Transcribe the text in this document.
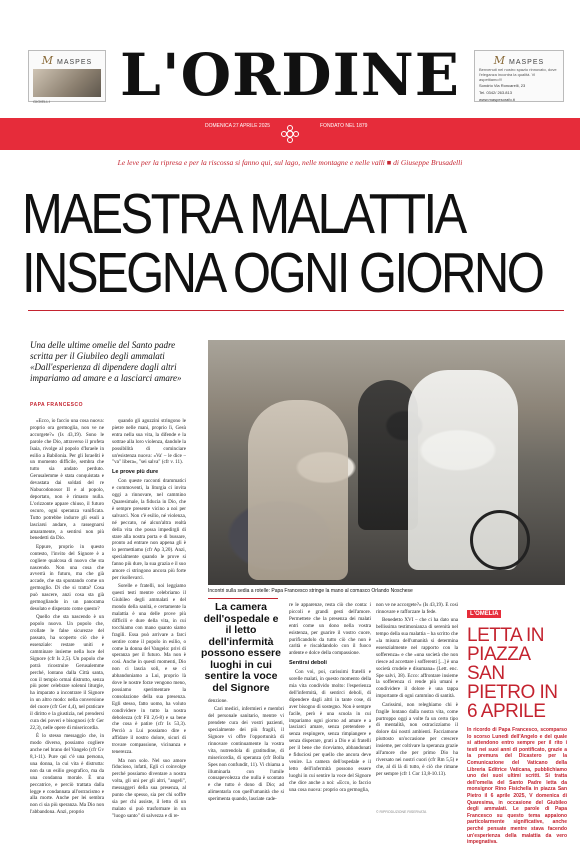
M MASPES
GIOIELLI
M MASPES
Benvenuti nel nostro spazio rinnovato, dove l'eleganza incontra la qualità. Vi aspettiamo!!!
Sondrio Via Roncarelli, 23
Tel. 0342/ 263.813
www.maspesorafo.it
L'ORDINE
DOMENICA 27 APRILE 2025	FONDATO NEL 1879
Le leve per la ripresa e per la riscossa si fanno qui, sul lago, nelle montagne e nelle valli ■ di Giuseppe Brusadelli
MAESTRA MALATTIA
INSEGNA OGNI GIORNO
Una delle ultime omelie del Santo padre scritta per il Giubileo degli ammalati «Dall'esperienza di dipendere dagli altri impariamo ad amare e a lasciarci amare»
PAPA FRANCESCO

«Ecco, io faccio una cosa nuova: proprio ora germoglia, non ve ne accorgete?» (Is 43,19). Sono le parole che Dio, attraverso il profeta Isaia, rivolge al popolo d'Israele in esilio a Babilonia. Per gli Israeliti è un momento difficile, sembra che tutto sia andato perduto. Gerusalemme è stata conquistata e devastata dai soldati del re Nabucodonosor II e al popolo, deportato, non è rimasto nulla. L'orizzonte appare chiuso, il futuro oscuro, ogni speranza vanificata. Tutto potrebbe indurre gli esuli a lasciarsi andare, a rassegnarsi amaramente, a sentirsi non più benedetti da Dio.

Eppure, proprio in questo contesto, l'invito del Signore è a cogliere qualcosa di nuovo che sta nascendo. Non una cosa che avverrà in futuro, ma che già accade, che sta spuntando come un germoglio. Di che si tratta? Cosa può nascere, anzi cosa sta già germogliando in un panorama desolato e disperato come questo?

Quello che sta nascendo è un popolo nuovo. Un popolo che, crollate le false sicurezze del passato, ha scoperto ciò che è essenziale: restare uniti e camminare insieme nella luce del Signore (cfr Is 2,5). Un popolo che potrà ricostruire Gerusalemme perché, lontano dalla Città santa, con il tempio ormai distrutto, senza più poter celebrare solenni liturgie, ha imparato a incontrare il Signore in un altro modo: nella conversione del cuore (cfr Ger 4,4), nel praticare il diritto e la giustizia, nel prendersi cura dei poveri e bisognosi (cfr Ger 22,3), nelle opere di misericordia.

È lo stesso messaggio che, in modo diverso, possiamo cogliere anche nel brano del Vangelo (cfr Gv 8,1-11). Pure qui c'è una persona, una donna, la cui vita è distrutta: non da un esilio geografico, ma da una condanna morale. È una peccatrice, e perciò trattata dalla legge e condannata all'ostracismo e alla morte. Anche per lei sembra non ci sia più speranza. Ma Dio non l'abbandona. Anzi, proprio

quando gli aguzzini stringono le pietre nelle mani, proprio lì, Gesù entra nella sua vita, la difende e la sottrae alla loro violenza, dandole la possibilità di cominciare un'esistenza nuova: «Va' – le dice – "va" libera», "sei salva" (cfr v. 11).

Le prove più dure

Con queste racconti drammatici e commoventi, la liturgia ci invita oggi a rinnovare, nel cammino Quaresimale, la fiducia in Dio, che è sempre presente vicino a noi per salvarci. Non c'è esilio, né violenza, né peccato, né alcun'altra realtà della vita che possa impedirgli di stare alla nostra porta e di bussare, pronto ad entrare non appena gli è lo permettiamo (cfr Ap 3,20). Anzi, specialmente quando le prove si fanno più dure, la sua grazia e il suo amore ci stringono ancora più forte per risollevarci.

Sorelle e fratelli, noi leggiamo questi testi mentre celebriamo il Giubileo degli ammalati e del mondo della sanità, e certamente la malattia è una delle prove più difficili e dure della vita, in cui tocchiamo con mano quanto siamo fragili. Essa può arrivare a farci sentire come il popolo in esilio, o come la donna del Vangelo: privi di speranza per il futuro. Ma non è così. Anche in questi momenti, Dio non ci lascia soli, e se ci abbandoniamo a Lui, proprio là dove le nostre forze vengono meno, possiamo sperimentare la consolazione della sua presenza. Egli stesso, fatto uomo, ha voluto condividere in tutto la nostra debolezza (cfr Fil 2,6-8) e sa bene che cosa è patire (cfr Is 53,3). Perciò a Lui possiamo dire e affidare il nostro dolore, sicuri di trovare compassione, vicinanza e tenerezza.

Ma non solo. Nel suo amore fiducioso, infatti, Egli ci coinvolge perché possiamo diventare a nostra volta, gli uni per gli altri, "angeli", messaggeri della sua presenza, al punto che spesso, sia per chi soffre sia per chi assiste, il letto di un malato si può trasformare in un "luogo santo" di salvezza e di re-

Incontri sulla sedia a rotelle: Papa Francesco stringe la mano al comasco Orlando Noschese
La camera dell'ospedale e il letto dell'infermità possono essere luoghi in cui sentire la voce del Signore

denzione.

Cari medici, infermieri e membri del personale sanitario, mentre vi prendete cura dei vostri pazienti, specialmente dei più fragili, il Signore vi offre l'opportunità di rinnovare continuamente la vostra vita, nutrendola di gratitudine, di misericordia, di speranza (cfr Bolla Spes non confundit, 11). Vi chiama a illuminarla con l'umile consapevolezza che nulla è scontato e che tutto è dono di Dio; ad alimentarla con quell'umanità che si sperimenta quando, lasciate cade-

re le apparenze, resta ciò che conta: i piccoli e grandi gesti dell'amore. Permettete che la presenza dei malati entri come un dono nella vostra esistenza, per guarire il vostro cuore, purificandolo da tutto ciò che non è carità e riscaldandolo con il fuoco ardente e dolce della compassione.

Sentirsi deboli

Con voi, poi, carissimi fratelli e sorelle malati, in questo momento della mia vita condivido molto: l'esperienza dell'infermità, di sentirci deboli, di dipendere dagli altri in tante cose, di aver bisogno di sostegno. Non è sempre facile, però è una scuola in cui impariamo ogni giorno ad amare e a lasciarci amare, senza pretendere e senza respingere, senza rimpiangere e senza disperare, grati a Dio e ai fratelli per il bene che riceviamo, abbandonati e fiduciosi per quello che ancora deve venire. La camera dell'ospedale e il letto dell'infermità possono essere luoghi in cui sentire la voce del Signore che dice anche a noi: «Ecco, io faccio una cosa nuova: proprio ora germoglia,

non ve ne accorgete?» (Is 43,19). E così rinnovare e rafforzare la fede.

Benedetto XVI – che ci ha dato una bellissima testimonianza di serenità nel tempo della sua malattia – ha scritto che «la misura dell'umanità si determina essenzialmente nel rapporto con la sofferenza» e che «una società che non riesce ad accettare i sofferenti [...] è una società crudele e disumana» (Lett. enc. Spe salvi, 38). Ecco: affrontare insieme la sofferenza ci rende più umani e condividere il dolore è una tappa importante di ogni cammino di santità.

Carissimi, non releghiamo chi è fragile lontano dalla nostra vita, come purtroppo oggi a volte fa un certo tipo di mentalità, non ostracizziamo il dolore dai nostri ambienti. Facciamone piuttosto un'occasione per crescere insieme, per coltivare la speranza grazie all'amore che per primo Dio ha riversato nei nostri cuori (cfr Rm 5,5) e che, al di là di tutto, è ciò che rimane per sempre (cfr 1 Cor 13,8-10.13).

© RIPRODUZIONE RISERVATA
L'OMELIA
LETTA IN PIAZZA SAN PIETRO IN 6 APRILE
In ricordo di Papa Francesco, scomparso lo scorso Lunedì dell'Angelo e del quale si attendono entro sempre per il rito i testi nei suoi anni di pontificato, grazie a la premura del Dicastero per la Comunicazione del Vaticano della Libreria Editrice Vaticana, pubblichiamo uno dei suoi ultimi scritti. Si tratta dell'omelia del Santo Padre letta da monsignor Rino Fisichella in piazza San Pietro il 6 aprile 2025, V domenica di Quaresima, in occasione del Giubileo degli ammalati. Le parole di Papa Francesco su questo tema appaiono particolarmente significative, anche perché pensate mentre stava facendo un'esperienza della malattia da vero impegnativa.
